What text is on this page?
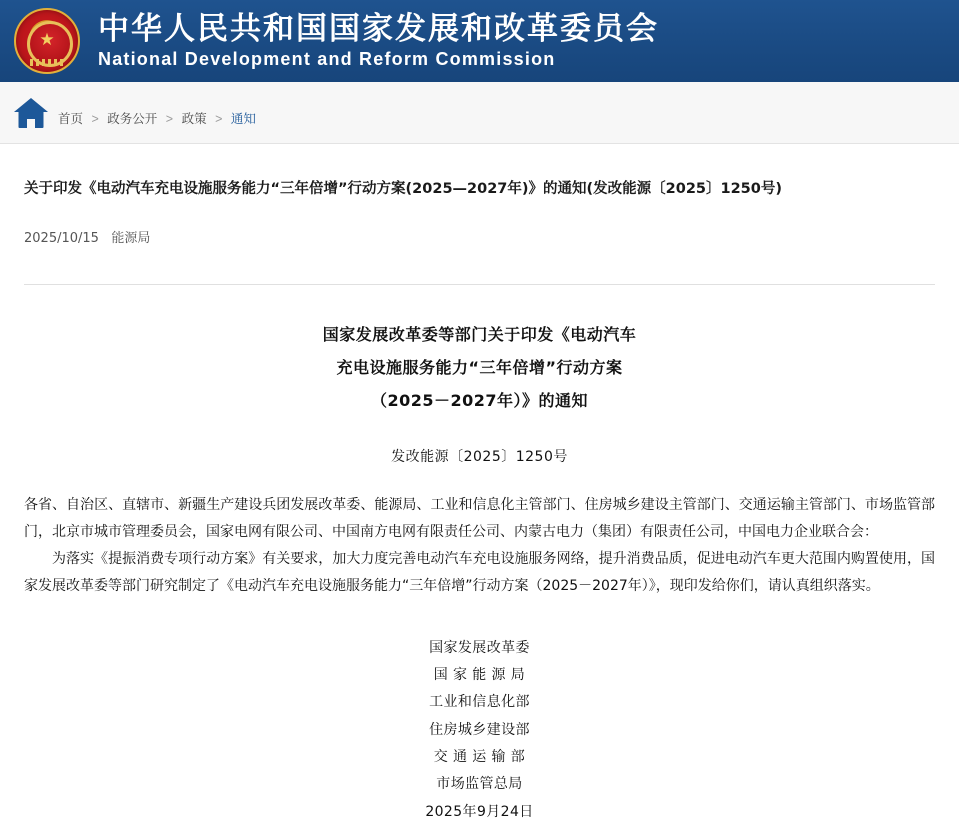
★ 中华人民共和国国家发展和改革委员会
National Development and Reform Commission
首页 > 政务公开 > 政策 > 通知
关于印发《电动汽车充电设施服务能力“三年倍增”行动方案(2025—2027年)》的通知(发改能源〔2025〕1250号)
2025/10/15 能源局
国家发展改革委等部门关于印发《电动汽车
充电设施服务能力“三年倍增”行动方案
（2025－2027年）》的通知
发改能源〔2025〕1250号
各省、自治区、直辖市、新疆生产建设兵团发展改革委、能源局、工业和信息化主管部门、住房城乡建设主管部门、交通运输主管部门、市场监管部门，北京市城市管理委员会，国家电网有限公司、中国南方电网有限责任公司、内蒙古电力（集团）有限责任公司，中国电力企业联合会：
为落实《提振消费专项行动方案》有关要求，加大力度完善电动汽车充电设施服务网络，提升消费品质，促进电动汽车更大范围内购置使用，国家发展改革委等部门研究制定了《电动汽车充电设施服务能力“三年倍增”行动方案（2025－2027年）》，现印发给你们，请认真组织落实。
国家发展改革委
国 家 能 源 局
工业和信息化部
住房城乡建设部
交 通 运 输 部
市场监管总局
2025年9月24日
